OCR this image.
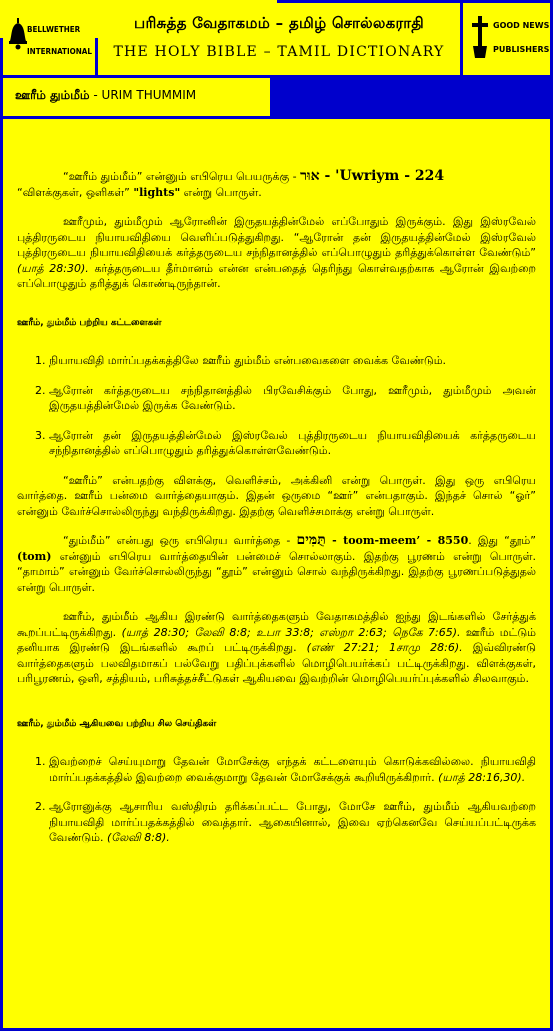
BELLWETHER
INTERNATIONAL
பரிசுத்த வேதாகமம் – தமிழ் சொல்லகராதி
THE HOLY BIBLE – TAMIL DICTIONARY
GOOD NEWS
PUBLISHERS
ஊரீம் தும்மீம் - URIM THUMMIM

“ஊரீம் தும்மீம்” என்னும் எபிரெய பெயருக்கு - אוּר - 'Uwriym - 224
“விளக்குகள், ஒளிகள்” "lights" என்று பொருள்.

ஊரீமும், தும்மீமும் ஆரோனின் இருதயத்தின்மேல் எப்போதும் இருக்கும். இது இஸ்ரவேல் புத்திரருடைய நியாயவிதியை வெளிப்படுத்துகிறது. “ஆரோன் தன் இருதயத்தின்மேல் இஸ்ரவேல் புத்திரருடைய நியாயவிதியைக் கர்த்தருடைய சந்நிதானத்தில் எப்பொழுதும் தரித்துக்கொள்ள வேண்டும்” (யாத் 28:30). கர்த்தருடைய தீர்மானம் என்ன என்பதைத் தெரிந்து கொள்வதற்காக ஆரோன் இவற்றை எப்பொழுதும் தரித்துக் கொண்டிருந்தான்.

ஊரீம், தும்மீம் பற்றிய கட்டளைகள்

1. நியாயவிதி மார்ப்பதக்கத்திலே ஊரீம் தும்மீம் என்பவைகளை வைக்க வேண்டும்.
2. ஆரோன் கர்த்தருடைய சந்நிதானத்தில் பிரவேசிக்கும் போது, ஊரீமும், தும்மீமும் அவன் இருதயத்தின்மேல் இருக்க வேண்டும்.
3. ஆரோன் தன் இருதயத்தின்மேல் இஸ்ரவேல் புத்திரருடைய நியாயவிதியைக் கர்த்தருடைய சந்நிதானத்தில் எப்பொழுதும் தரித்துக்கொள்ளவேண்டும்.

“ஊரீம்” என்பதற்கு விளக்கு, வெளிச்சம், அக்கினி என்று பொருள். இது ஒரு எபிரெய வார்த்தை. ஊரீம் பன்மை வார்த்தையாகும். இதன் ஒருமை “ஊர்” என்பதாகும். இந்தச் சொல் “ஓர்” என்னும் வேர்ச்சொல்லிருந்து வந்திருக்கிறது. இதற்கு வெளிச்சமாக்கு என்று பொருள்.

“தும்மீம்” என்பது ஒரு எபிரெய வார்த்தை - תֻּמִּים - toom-meem’ - 8550. இது “தூம்” (tom) என்னும் எபிரெய வார்த்தையின் பன்மைச் சொல்லாகும். இதற்கு பூரணம் என்று பொருள். “தாமாம்” என்னும் வேர்ச்சொல்லிருந்து “தூம்” என்னும் சொல் வந்திருக்கிறது. இதற்கு பூரணப்படுத்துதல் என்று பொருள்.

ஊரீம், தும்மீம் ஆகிய இரண்டு வார்த்தைகளும் வேதாகமத்தில் ஐந்து இடங்களில் சேர்த்துக் கூறப்பட்டிருக்கிறது. (யாத் 28:30; லேவி 8:8; உபா 33:8; எஸ்றா 2:63; நெகே 7:65). ஊரீம் மட்டும் தனியாக இரண்டு இடங்களில் கூறப் பட்டிருக்கிறது. (எண் 27:21; 1சாமு 28:6). இவ்விரண்டு வார்த்தைகளும் பலவிதமாகப் பல்வேறு பதிப்புக்களில் மொழிபெயர்க்கப் பட்டிருக்கிறது. விளக்குகள், பரிபூரணம், ஒளி, சத்தியம், பரிசுத்தச்சீட்டுகள் ஆகியவை இவற்றின் மொழிபெயர்ப்புக்களில் சிலவாகும்.

ஊரீம், தும்மீம் ஆகியவை பற்றிய சில செய்திகள்

1. இவற்றைச் செய்யுமாறு தேவன் மோசேக்கு எந்தக் கட்டளையும் கொடுக்கவில்லை. நியாயவிதி மார்ப்பதக்கத்தில் இவற்றை வைக்குமாறு தேவன் மோசேக்குக் கூறியிருக்கிறார். (யாத் 28:16,30).
2. ஆரோனுக்கு ஆசாரிய வஸ்திரம் தரிக்கப்பட்ட போது, மோசே ஊரீம், தும்மீம் ஆகியவற்றை நியாயவிதி மார்ப்பதக்கத்தில் வைத்தார். ஆகையினால், இவை ஏற்கெனவே செய்யப்பட்டிருக்க வேண்டும். (லேவி 8:8).
